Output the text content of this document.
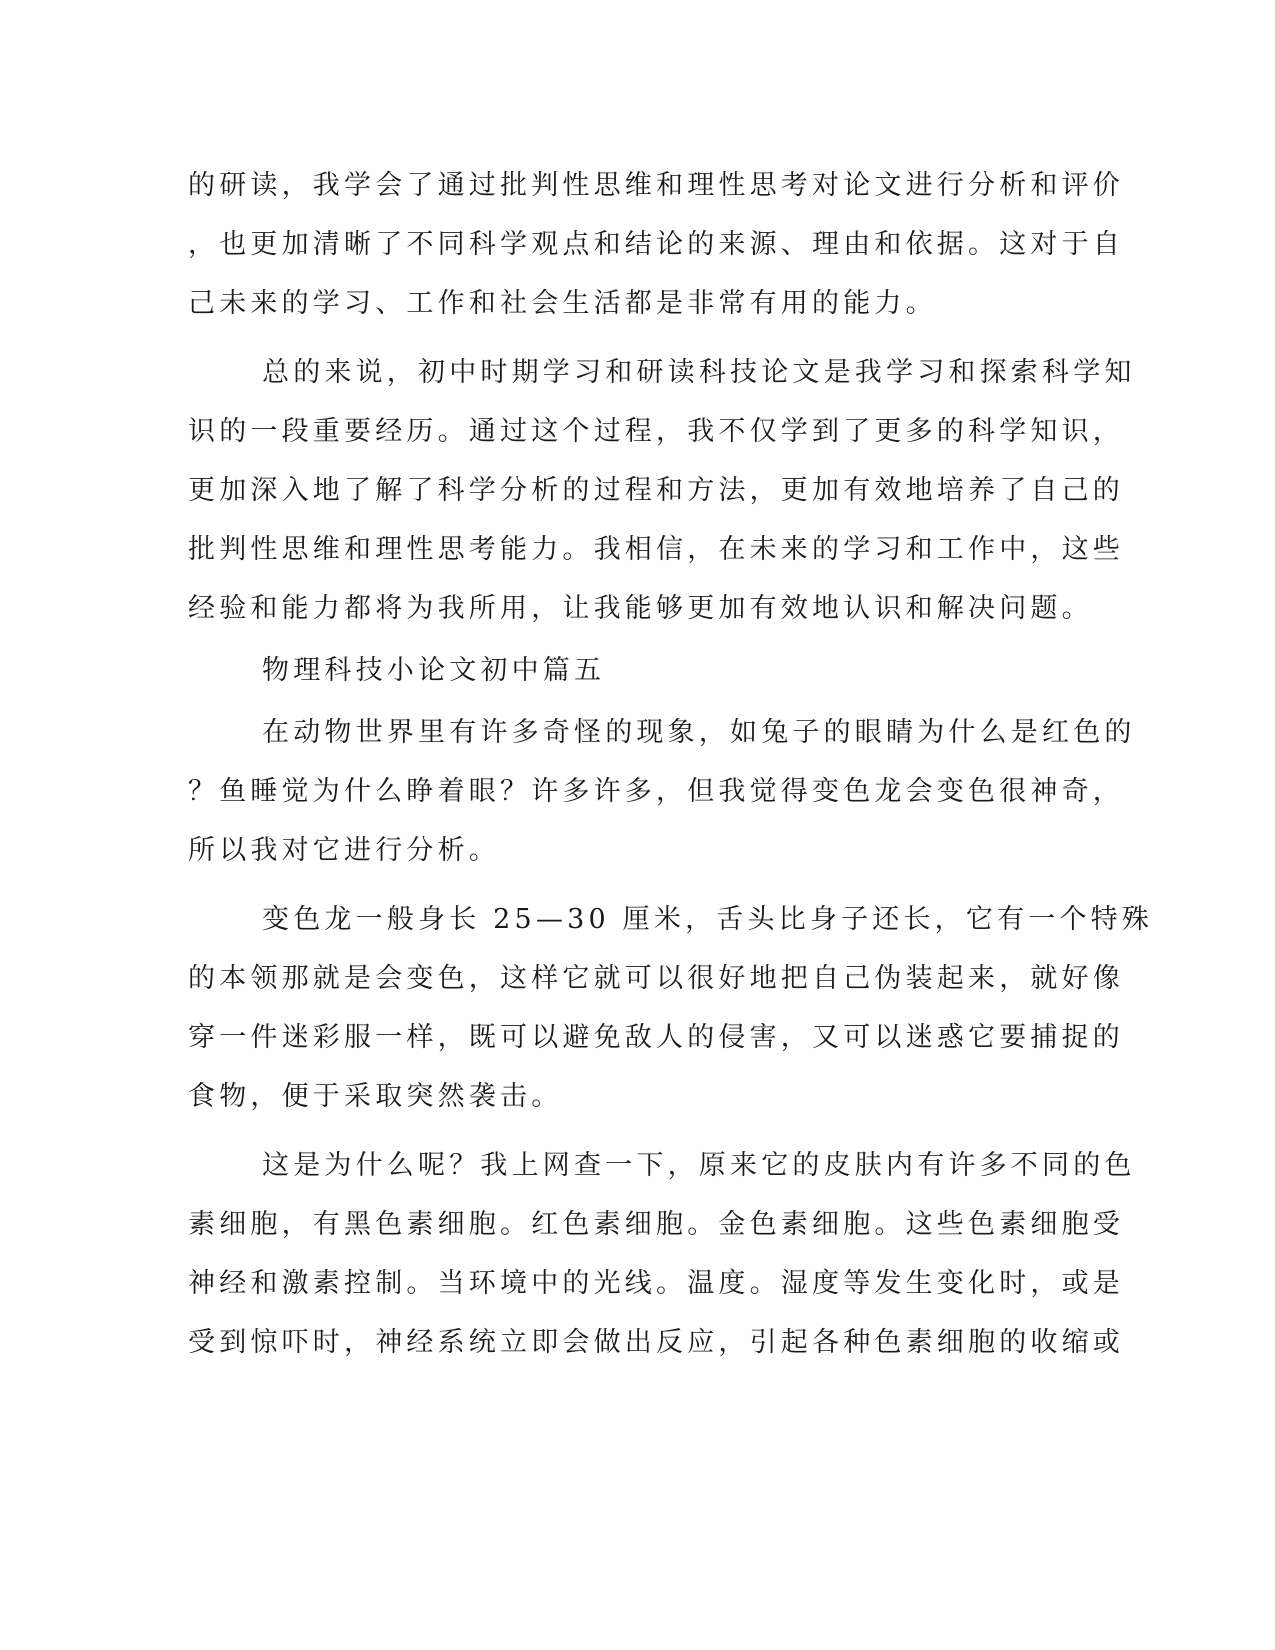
的研读，我学会了通过批判性思维和理性思考对论文进行分析和评价
，也更加清晰了不同科学观点和结论的来源、理由和依据。这对于自
己未来的学习、工作和社会生活都是非常有用的能力。
总的来说，初中时期学习和研读科技论文是我学习和探索科学知
识的一段重要经历。通过这个过程，我不仅学到了更多的科学知识，
更加深入地了解了科学分析的过程和方法，更加有效地培养了自己的
批判性思维和理性思考能力。我相信，在未来的学习和工作中，这些
经验和能力都将为我所用，让我能够更加有效地认识和解决问题。
物理科技小论文初中篇五
在动物世界里有许多奇怪的现象，如兔子的眼睛为什么是红色的
？鱼睡觉为什么睁着眼？许多许多，但我觉得变色龙会变色很神奇，
所以我对它进行分析。
变色龙一般身长 25—30 厘米，舌头比身子还长，它有一个特殊
的本领那就是会变色，这样它就可以很好地把自己伪装起来，就好像
穿一件迷彩服一样，既可以避免敌人的侵害，又可以迷惑它要捕捉的
食物，便于采取突然袭击。
这是为什么呢？我上网查一下，原来它的皮肤内有许多不同的色
素细胞，有黑色素细胞。红色素细胞。金色素细胞。这些色素细胞受
神经和激素控制。当环境中的光线。温度。湿度等发生变化时，或是
受到惊吓时，神经系统立即会做出反应，引起各种色素细胞的收缩或
